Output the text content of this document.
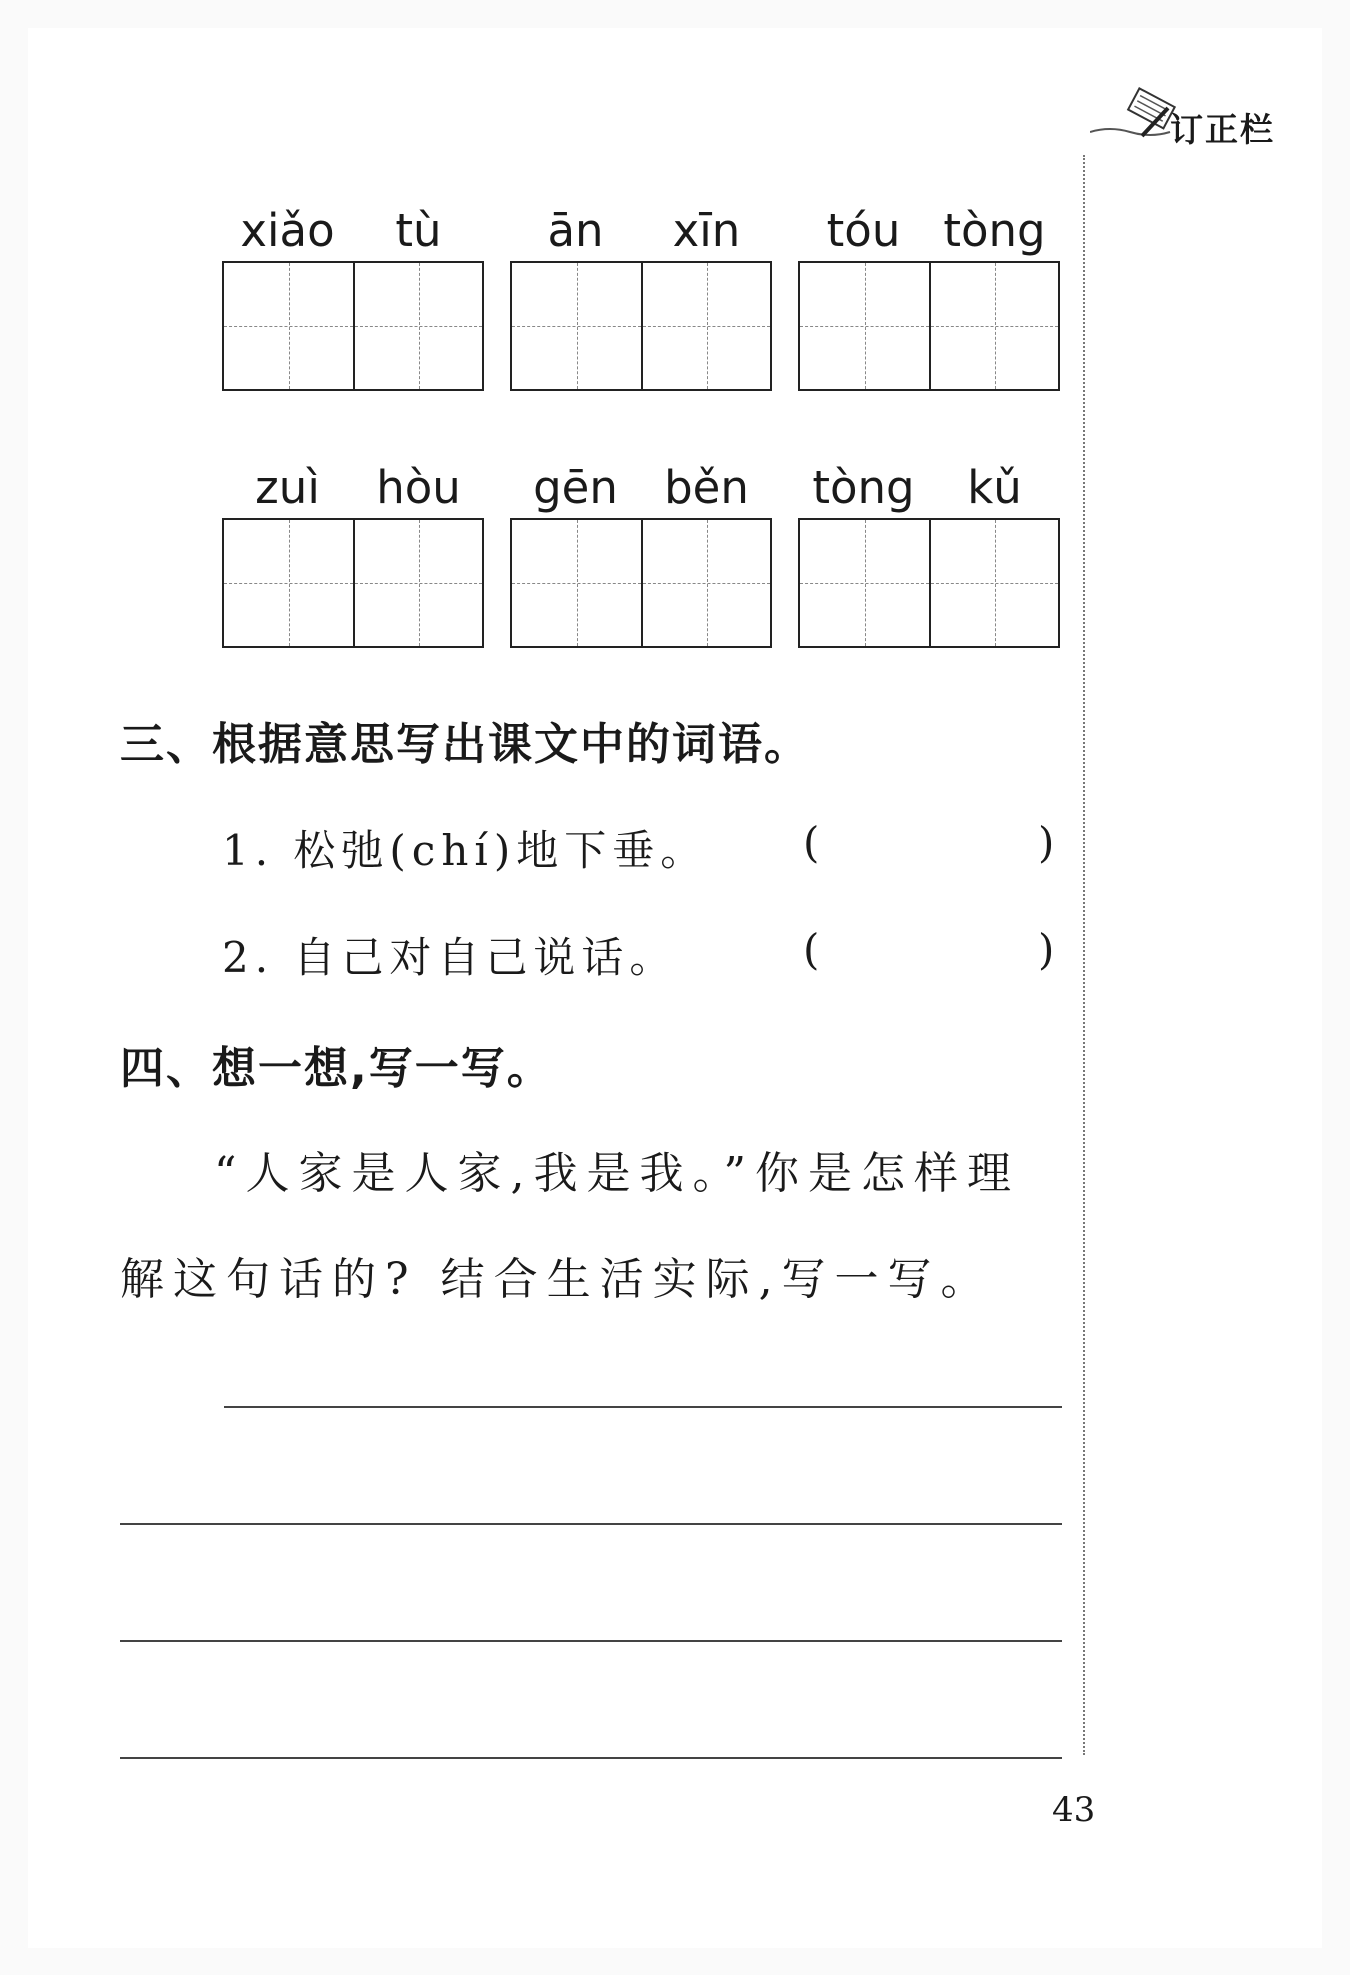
订正栏
xiǎo	tù	ān	xīn	tóu tòng
zuì	hòu	gēn	běn	tòng	kǔ
三、根据意思写出课文中的词语。
1. 松弛(chí)地下垂。 (	)
2. 自己对自己说话。	(	)
四、想一想,写一写。
“人家是人家,我是我。”你是怎样理
解这句话的? 结合生活实际,写一写。
43
